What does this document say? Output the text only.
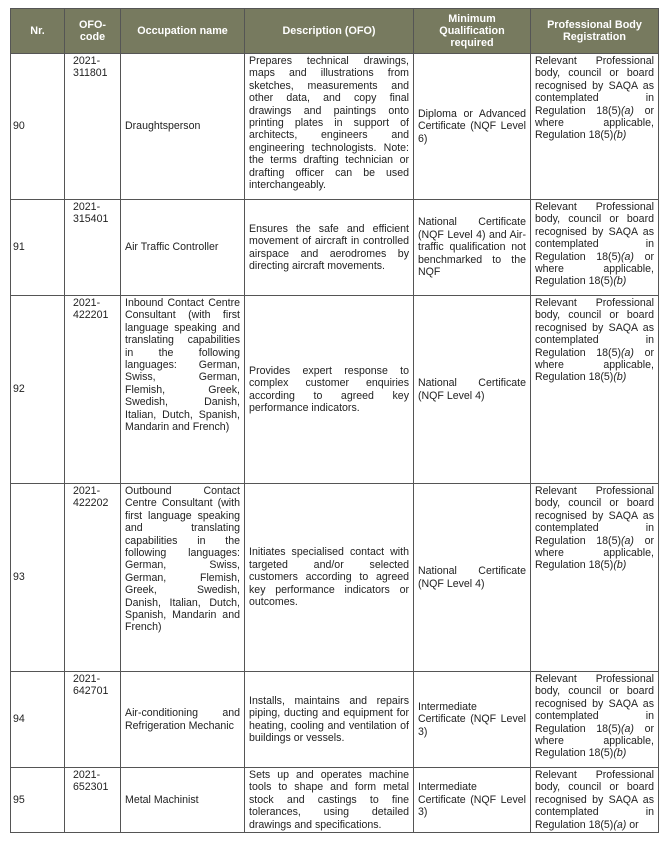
Nr.	OFO-code	Occupation name	Description (OFO)	Minimum Qualification required	Professional Body Registration
90	2021-311801	Draughtsperson	Prepares technical drawings, maps and illustrations from sketches, measurements and other data, and copy final drawings and paintings onto printing plates in support of architects, engineers and engineering technologists. Note: the terms drafting technician or drafting officer can be used interchangeably.	Diploma or Advanced Certificate (NQF Level 6)	Relevant Professional body, council or board recognised by SAQA as contemplated in Regulation 18(5)(a) or where applicable, Regulation 18(5)(b)
91	2021-315401	Air Traffic Controller	Ensures the safe and efficient movement of aircraft in controlled airspace and aerodromes by directing aircraft movements.	National Certificate (NQF Level 4) and Air-traffic qualification not benchmarked to the NQF	Relevant Professional body, council or board recognised by SAQA as contemplated in Regulation 18(5)(a) or where applicable, Regulation 18(5)(b)
92	2021-422201	Inbound Contact Centre Consultant (with first language speaking and translating capabilities in the following languages: German, Swiss, German, Flemish, Greek, Swedish, Danish, Italian, Dutch, Spanish, Mandarin and French)	Provides expert response to complex customer enquiries according to agreed key performance indicators.	National Certificate (NQF Level 4)	Relevant Professional body, council or board recognised by SAQA as contemplated in Regulation 18(5)(a) or where applicable, Regulation 18(5)(b)
93	2021-422202	Outbound Contact Centre Consultant (with first language speaking and translating capabilities in the following languages: German, Swiss, German, Flemish, Greek, Swedish, Danish, Italian, Dutch, Spanish, Mandarin and French)	Initiates specialised contact with targeted and/or selected customers according to agreed key performance indicators or outcomes.	National Certificate (NQF Level 4)	Relevant Professional body, council or board recognised by SAQA as contemplated in Regulation 18(5)(a) or where applicable, Regulation 18(5)(b)
94	2021-642701	Air-conditioning and Refrigeration Mechanic	Installs, maintains and repairs piping, ducting and equipment for heating, cooling and ventilation of buildings or vessels.	Intermediate Certificate (NQF Level 3)	Relevant Professional body, council or board recognised by SAQA as contemplated in Regulation 18(5)(a) or where applicable, Regulation 18(5)(b)
95	2021-652301	Metal Machinist	Sets up and operates machine tools to shape and form metal stock and castings to fine tolerances, using detailed drawings and specifications.	Intermediate Certificate (NQF Level 3)	Relevant Professional body, council or board recognised by SAQA as contemplated in Regulation 18(5)(a) or
